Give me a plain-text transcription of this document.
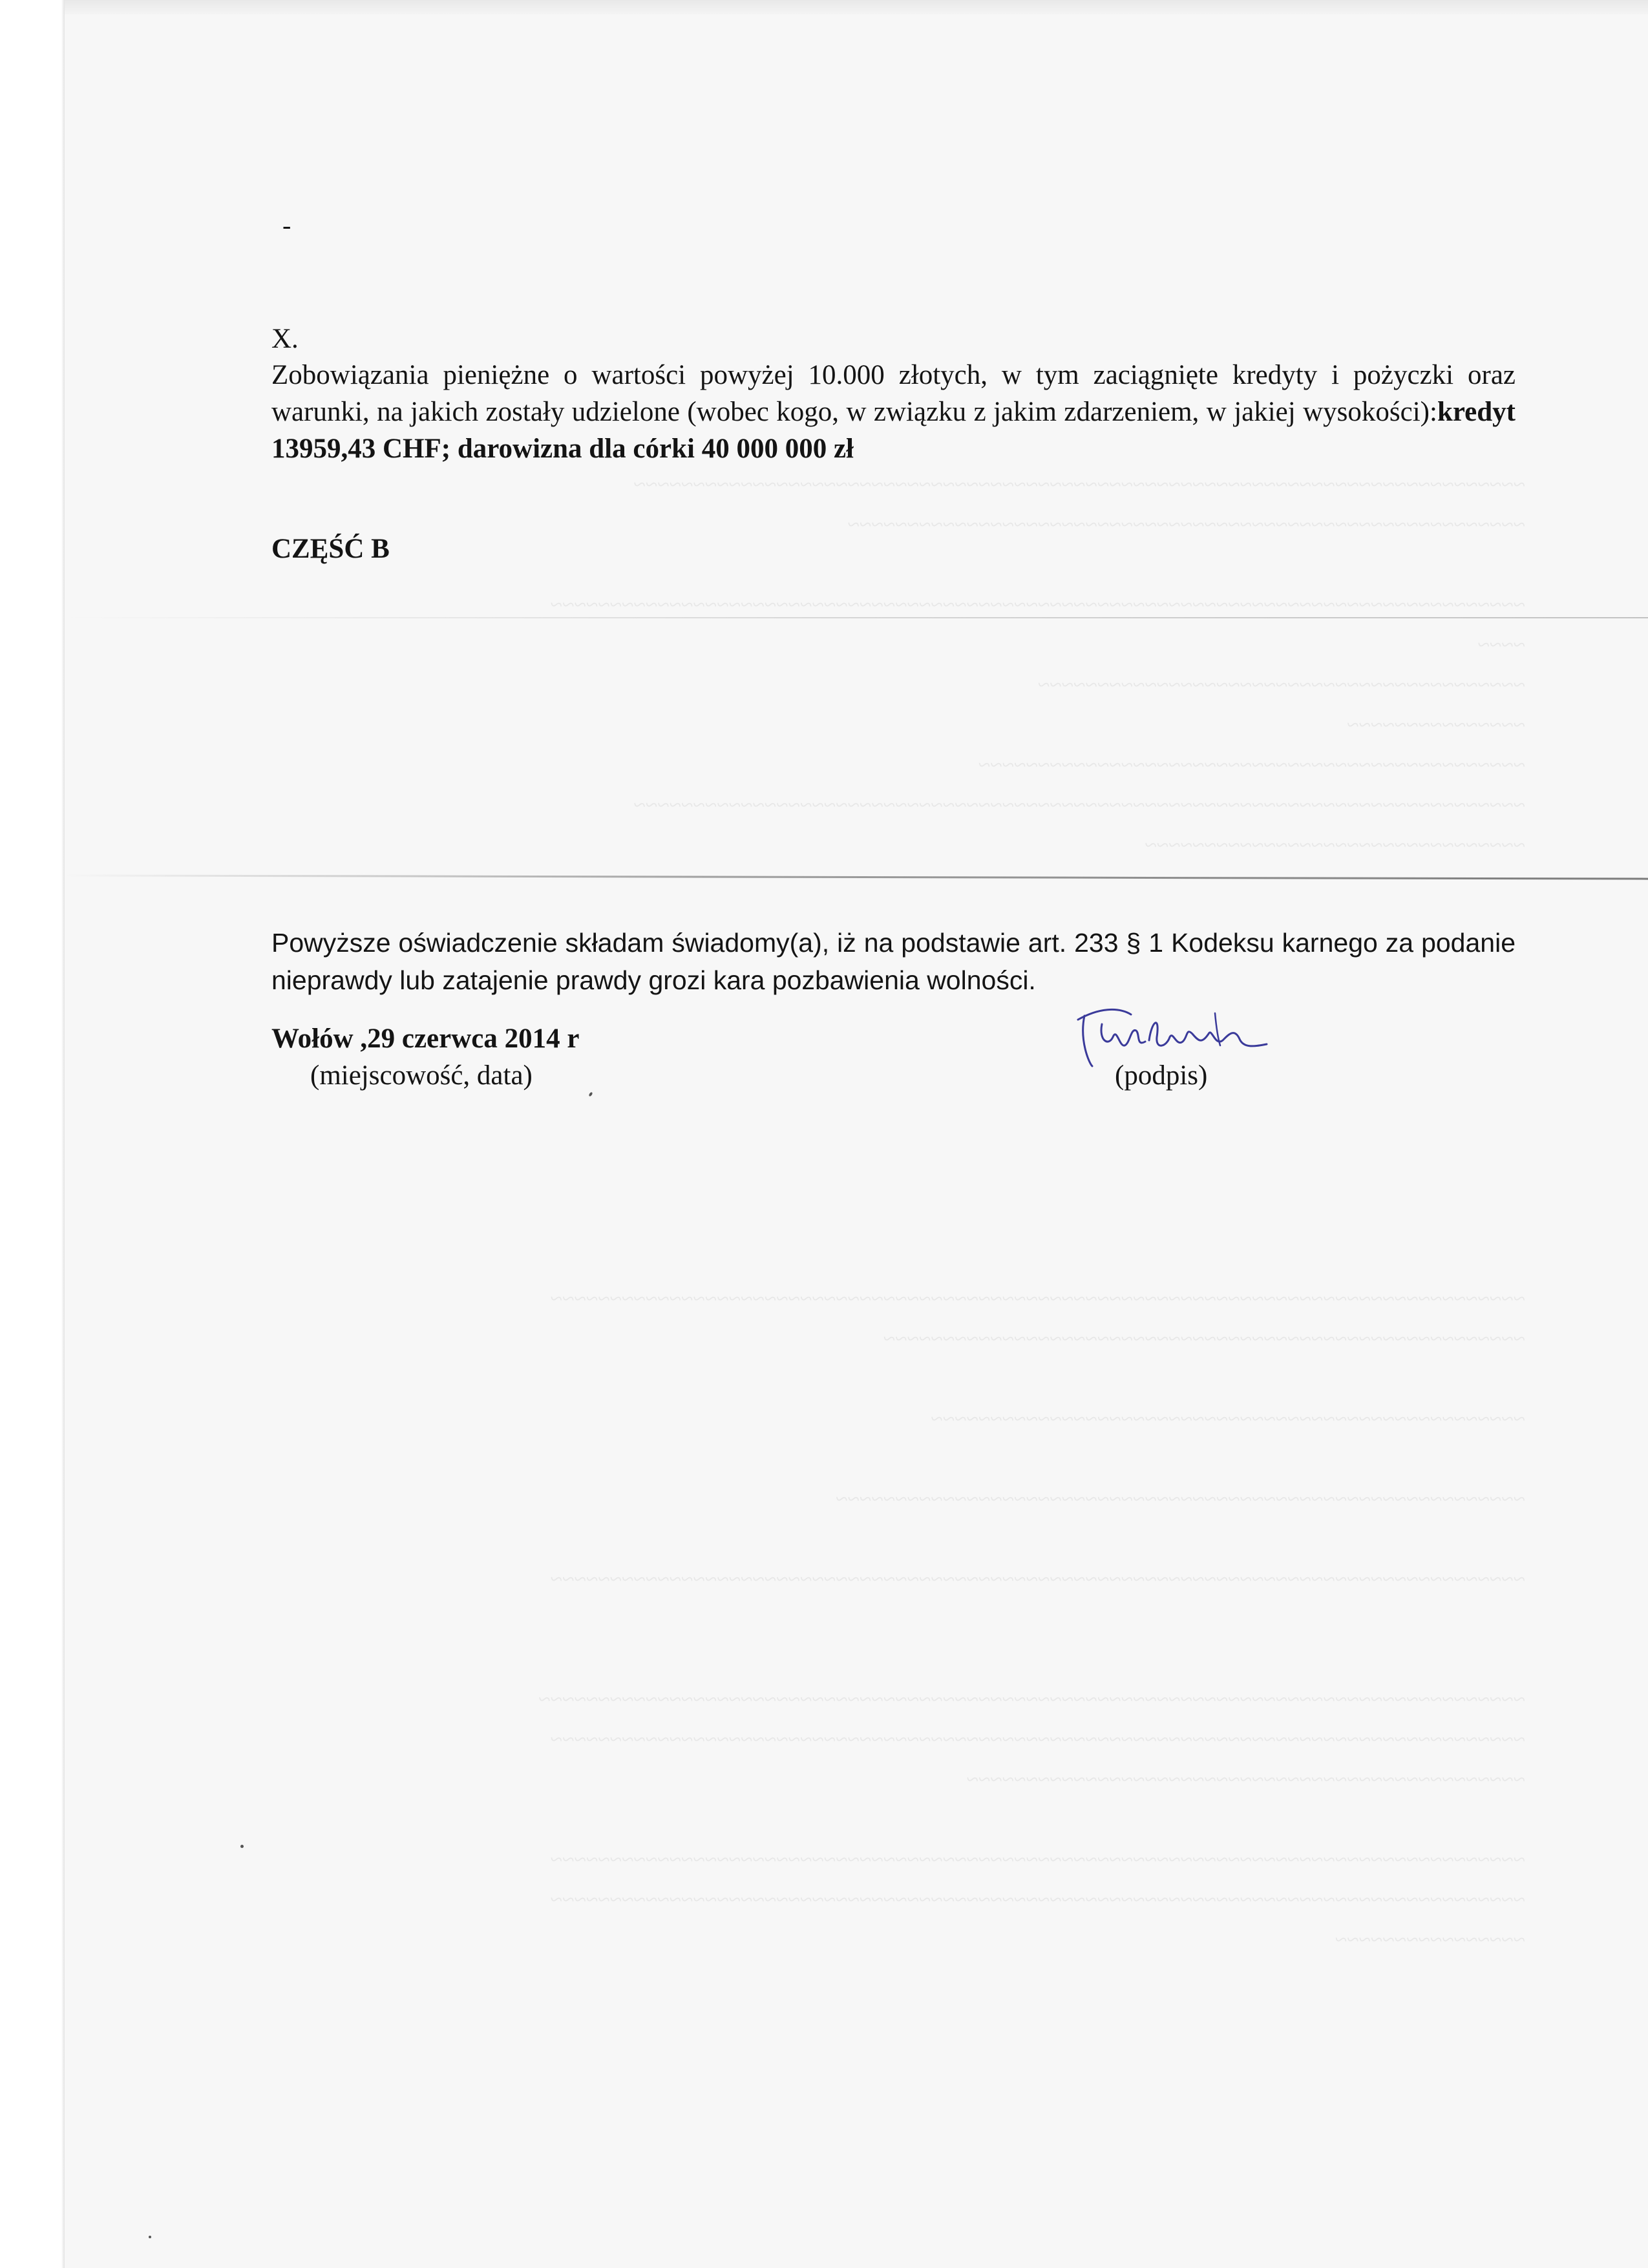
~~~~~~~~~~~~~~~~~~~~~~~~~~~~~~~~~~~~~~~~~~~~~~~~~~~~~~~~~~~~~~~~~~~~~~~~~~~
~~~~~~~~~~~~~~~~~~~~~~~~~~~~~~~~~~~~~~~~~~~~~~~~~~~~~~~~~
~~~~~~~~~~~~~~~~~~~~~~~~~~~~~~~~~~~~~~~~~~~~~~~~~~~~~~~~~~~~~~~~~~~~~~~~~~~~~~~~~~
~~~~
~~~~~~~~~~~~~~~~~~~~~~~~~~~~~~~~~~~~~~~~~
~~~~~~~~~~~~~~~
~~~~~~~~~~~~~~~~~~~~~~~~~~~~~~~~~~~~~~~~~~~~~~
~~~~~~~~~~~~~~~~~~~~~~~~~~~~~~~~~~~~~~~~~~~~~~~~~~~~~~~~~~~~~~~~~~~~~~~~~~~
~~~~~~~~~~~~~~~~~~~~~~~~~~~~~~~~
~~~~~~~~~~~~~~~~~~~~~~~~~~~~~~~~~~~~~~~~~~~~~~~~~~~~~~~~~~~~~~~~~~~~~~~~~~~~~~~~~~
~~~~~~~~~~~~~~~~~~~~~~~~~~~~~~~~~~~~~~~~~~~~~~~~~~~~~~
~~~~~~~~~~~~~~~~~~~~~~~~~~~~~~~~~~~~~~~~~~~~~~~~~~
~~~~~~~~~~~~~~~~~~~~~~~~~~~~~~~~~~~~~~~~~~~~~~~~~~~~~~~~~~
~~~~~~~~~~~~~~~~~~~~~~~~~~~~~~~~~~~~~~~~~~~~~~~~~~~~~~~~~~~~~~~~~~~~~~~~~~~~~~~~~~
~~~~~~~~~~~~~~~~~~~~~~~~~~~~~~~~~~~~~~~~~~~~~~~~~~~~~~~~~~~~~~~~~~~~~~~~~~~~~~~~~~~
~~~~~~~~~~~~~~~~~~~~~~~~~~~~~~~~~~~~~~~~~~~~~~~~~~~~~~~~~~~~~~~~~~~~~~~~~~~~~~~~~~
~~~~~~~~~~~~~~~~~~~~~~~~~~~~~~~~~~~~~~~~~~~~~~~
~~~~~~~~~~~~~~~~~~~~~~~~~~~~~~~~~~~~~~~~~~~~~~~~~~~~~~~~~~~~~~~~~~~~~~~~~~~~~~~~~~
~~~~~~~~~~~~~~~~~~~~~~~~~~~~~~~~~~~~~~~~~~~~~~~~~~~~~~~~~~~~~~~~~~~~~~~~~~~~~~~~~~
~~~~~~~~~~~~~~~~
-
X.
Zobowiązania pieniężne o wartości powyżej 10.000 złotych, w tym zaciągnięte kredyty i pożyczki oraz warunki, na jakich zostały udzielone (wobec kogo, w związku z jakim zdarzeniem, w jakiej wysokości):kredyt 13959,43 CHF; darowizna dla córki 40 000 000 zł
CZĘŚĆ B
Powyższe oświadczenie składam świadomy(a), iż na podstawie art. 233 § 1 Kodeksu karnego za podanie nieprawdy lub zatajenie prawdy grozi kara pozbawienia wolności.
Wołów ,29 czerwca 2014 r
(miejscowość, data)	(podpis)
